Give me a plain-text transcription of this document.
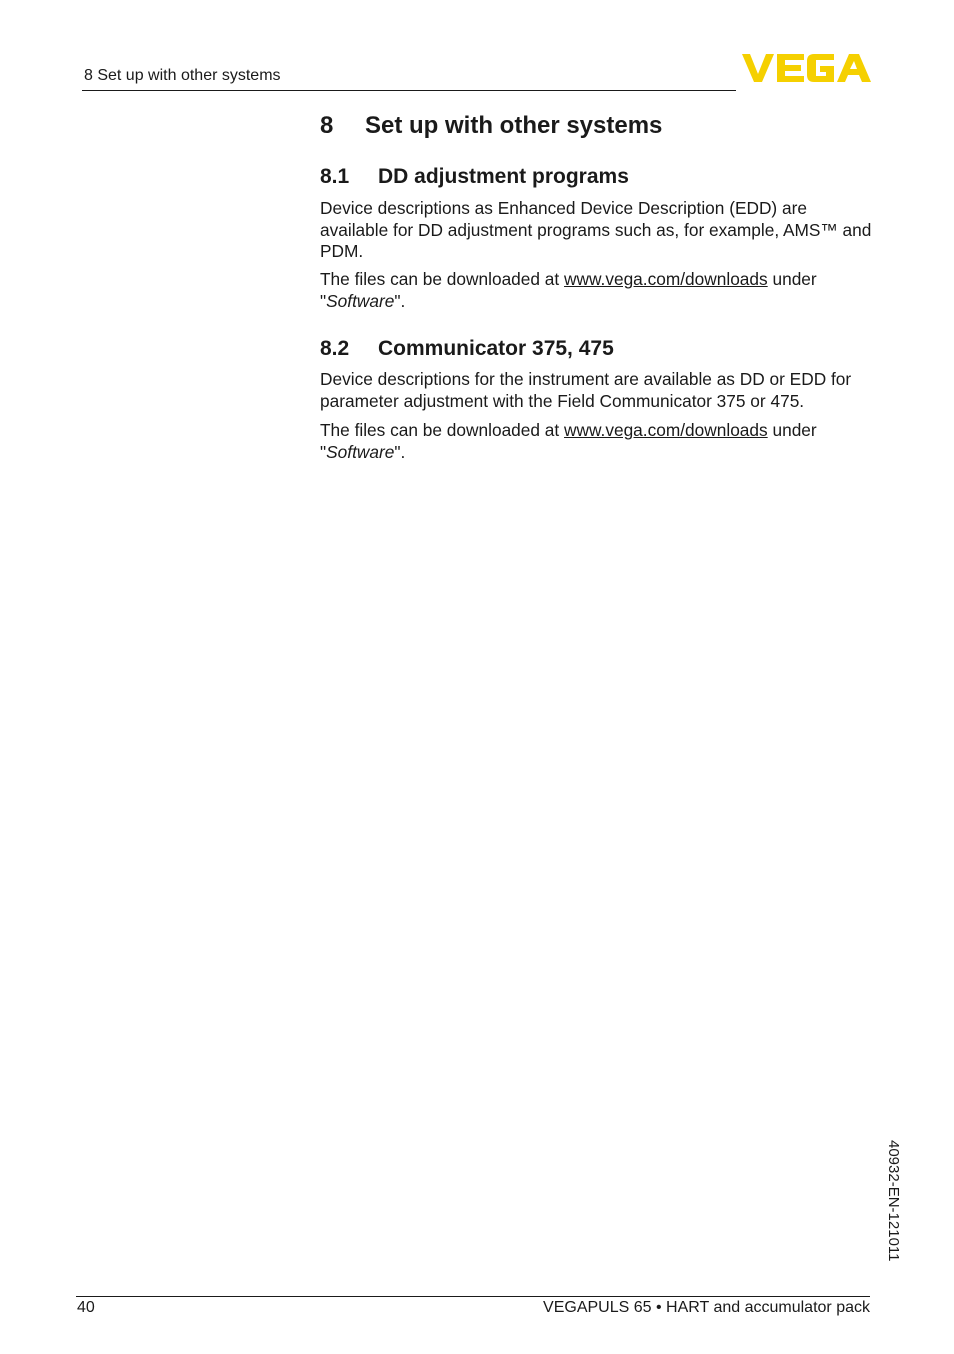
8 Set up with other systems
8 Set up with other systems
8.1 DD adjustment programs
Device descriptions as Enhanced Device Description (EDD) are available for DD adjustment programs such as, for example, AMS™ and PDM.
The files can be downloaded at www.vega.com/downloads under "Software".
8.2 Communicator 375, 475
Device descriptions for the instrument are available as DD or EDD for parameter adjustment with the Field Communicator 375 or 475.
The files can be downloaded at www.vega.com/downloads under "Software".
40932-EN-121011
40	VEGAPULS 65 • HART and accumulator pack
